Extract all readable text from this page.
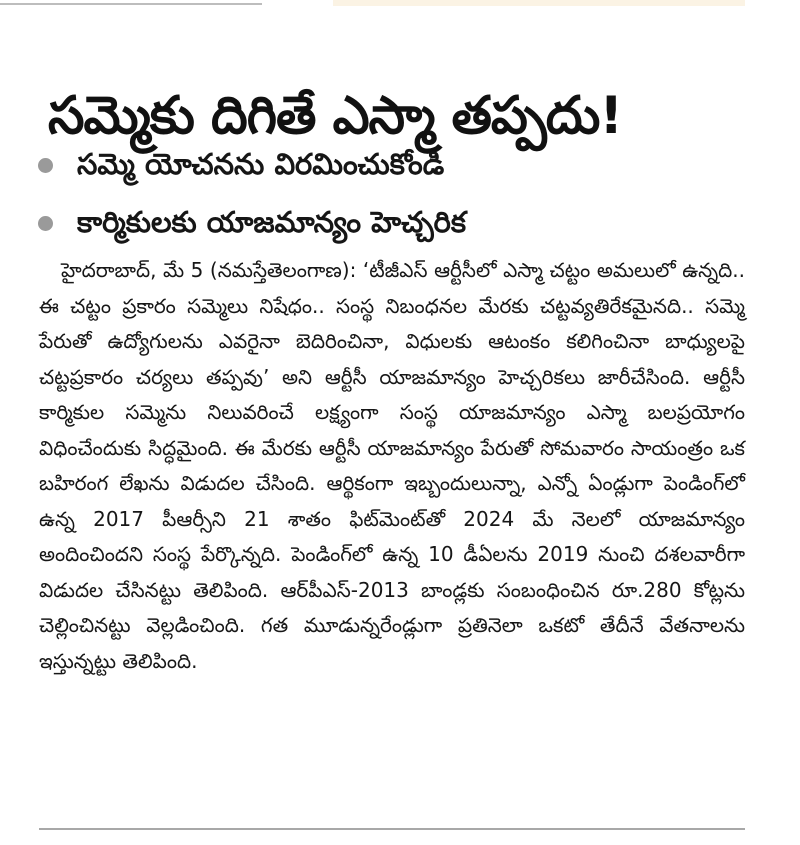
సమ్మెకు దిగితే ఎస్మా తప్పదు!
సమ్మె యోచనను విరమించుకోండి
కార్మికులకు యాజమాన్యం హెచ్చరిక

హైదరాబాద్, మే 5 (నమస్తేతెలంగాణ): ‘టీజీఎస్ ఆర్టీసీలో ఎస్మా చట్టం అమలులో ఉన్నది.. ఈ చట్టం ప్రకారం సమ్మెలు నిషేధం.. సంస్థ నిబంధనల మేరకు చట్టవ్యతిరేకమైనది.. సమ్మె పేరుతో ఉద్యోగులను ఎవరైనా బెదిరించినా, విధులకు ఆటంకం కలిగించినా బాధ్యులపై చట్టప్రకారం చర్యలు తప్పవు’ అని ఆర్టీసీ యాజమాన్యం హెచ్చరికలు జారీచేసింది. ఆర్టీసీ కార్మికుల సమ్మెను నిలువరించే లక్ష్యంగా సంస్థ యాజమాన్యం ఎస్మా బలప్రయోగం విధించేందుకు సిద్ధమైంది. ఈ మేరకు ఆర్టీసీ యాజమాన్యం పేరుతో సోమవారం సాయంత్రం ఒక బహిరంగ లేఖను విడుదల చేసింది. ఆర్థికంగా ఇబ్బందులున్నా, ఎన్నో ఏండ్లుగా పెండింగ్‌లో ఉన్న 2017 పీఆర్సీని 21 శాతం ఫిట్‌మెంట్‌తో 2024 మే నెలలో యాజమాన్యం అందించిందని సంస్థ పేర్కొన్నది. పెండింగ్‌లో ఉన్న 10 డీఏలను 2019 నుంచి దశలవారీగా విడుదల చేసినట్టు తెలిపింది. ఆర్‌పీఎస్-2013 బాండ్లకు సంబంధించిన రూ.280 కోట్లను చెల్లించినట్టు వెల్లడించింది. గత మూడున్నరేండ్లుగా ప్రతినెలా ఒకటో తేదీనే వేతనాలను ఇస్తున్నట్టు తెలిపింది.
